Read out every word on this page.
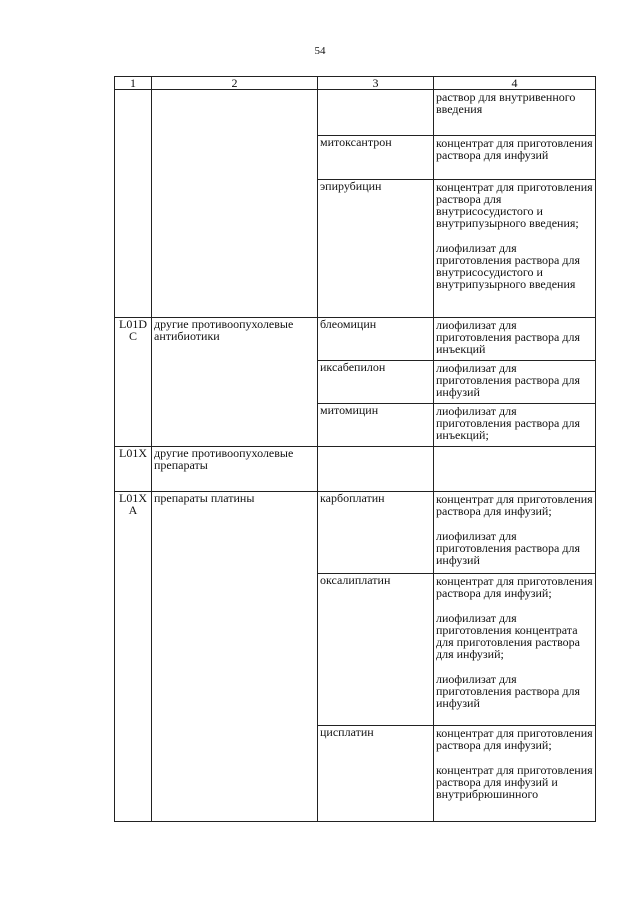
54
1	2	3	4

			раствор для внутривенного введения

		митоксантрон	концентрат для приготовления раствора для инфузий

		эпирубицин	концентрат для приготовления раствора для внутрисосудистого и внутрипузырного введения;
лиофилизат для приготовления раствора для внутрисосудистого и внутрипузырного введения

L01D C	другие противоопухолевые антибиотики	блеомицин	лиофилизат для приготовления раствора для инъекций

		иксабепилон	лиофилизат для приготовления раствора для инфузий

		митомицин	лиофилизат для приготовления раствора для инъекций;

L01X	другие противоопухолевые препараты		
L01X A	препараты платины	карбоплатин	концентрат для приготовления раствора для инфузий;
лиофилизат для приготовления раствора для инфузий

		оксалиплатин	концентрат для приготовления раствора для инфузий;
лиофилизат для приготовления концентрата для приготовления раствора для инфузий;
лиофилизат для приготовления раствора для инфузий

		цисплатин	концентрат для приготовления раствора для инфузий;
концентрат для приготовления раствора для инфузий и внутрибрюшинного
